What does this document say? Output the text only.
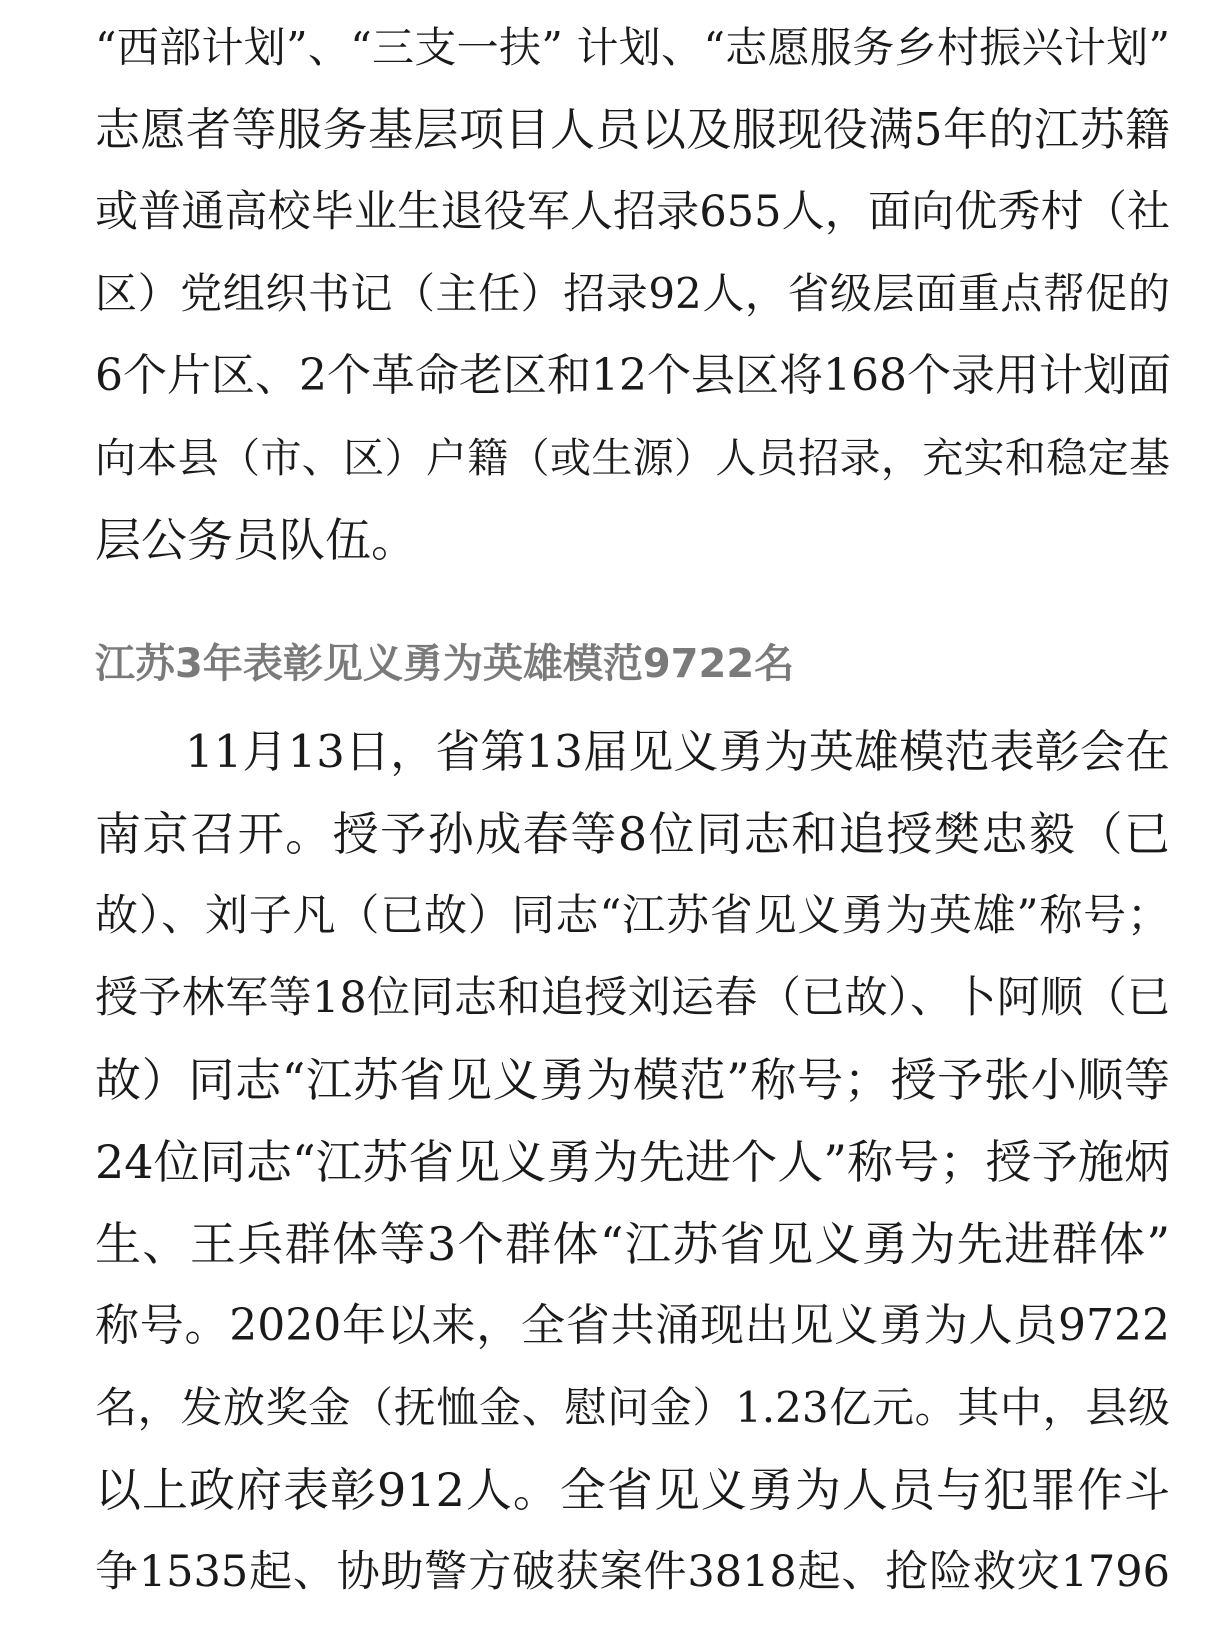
“西部计划”、“三支一扶” 计划、“志愿服务乡村振兴计划”
志愿者等服务基层项目人员以及服现役满5年的江苏籍
或普通高校毕业生退役军人招录655人，面向优秀村（社
区）党组织书记（主任）招录92人，省级层面重点帮促的
6个片区、2个革命老区和12个县区将168个录用计划面
向本县（市、区）户籍（或生源）人员招录，充实和稳定基
层公务员队伍。
江苏3年表彰见义勇为英雄模范9722名
11月13日，省第13届见义勇为英雄模范表彰会在
南京召开。授予孙成春等8位同志和追授樊忠毅（已
故）、刘子凡（已故）同志“江苏省见义勇为英雄”称号；
授予林军等18位同志和追授刘运春（已故）、卜阿顺（已
故）同志“江苏省见义勇为模范”称号；授予张小顺等
24位同志“江苏省见义勇为先进个人”称号；授予施炳
生、王兵群体等3个群体“江苏省见义勇为先进群体”
称号。2020年以来，全省共涌现出见义勇为人员9722
名，发放奖金（抚恤金、慰问金）1.23亿元。其中，县级
以上政府表彰912人。全省见义勇为人员与犯罪作斗
争1535起、协助警方破获案件3818起、抢险救灾1796
